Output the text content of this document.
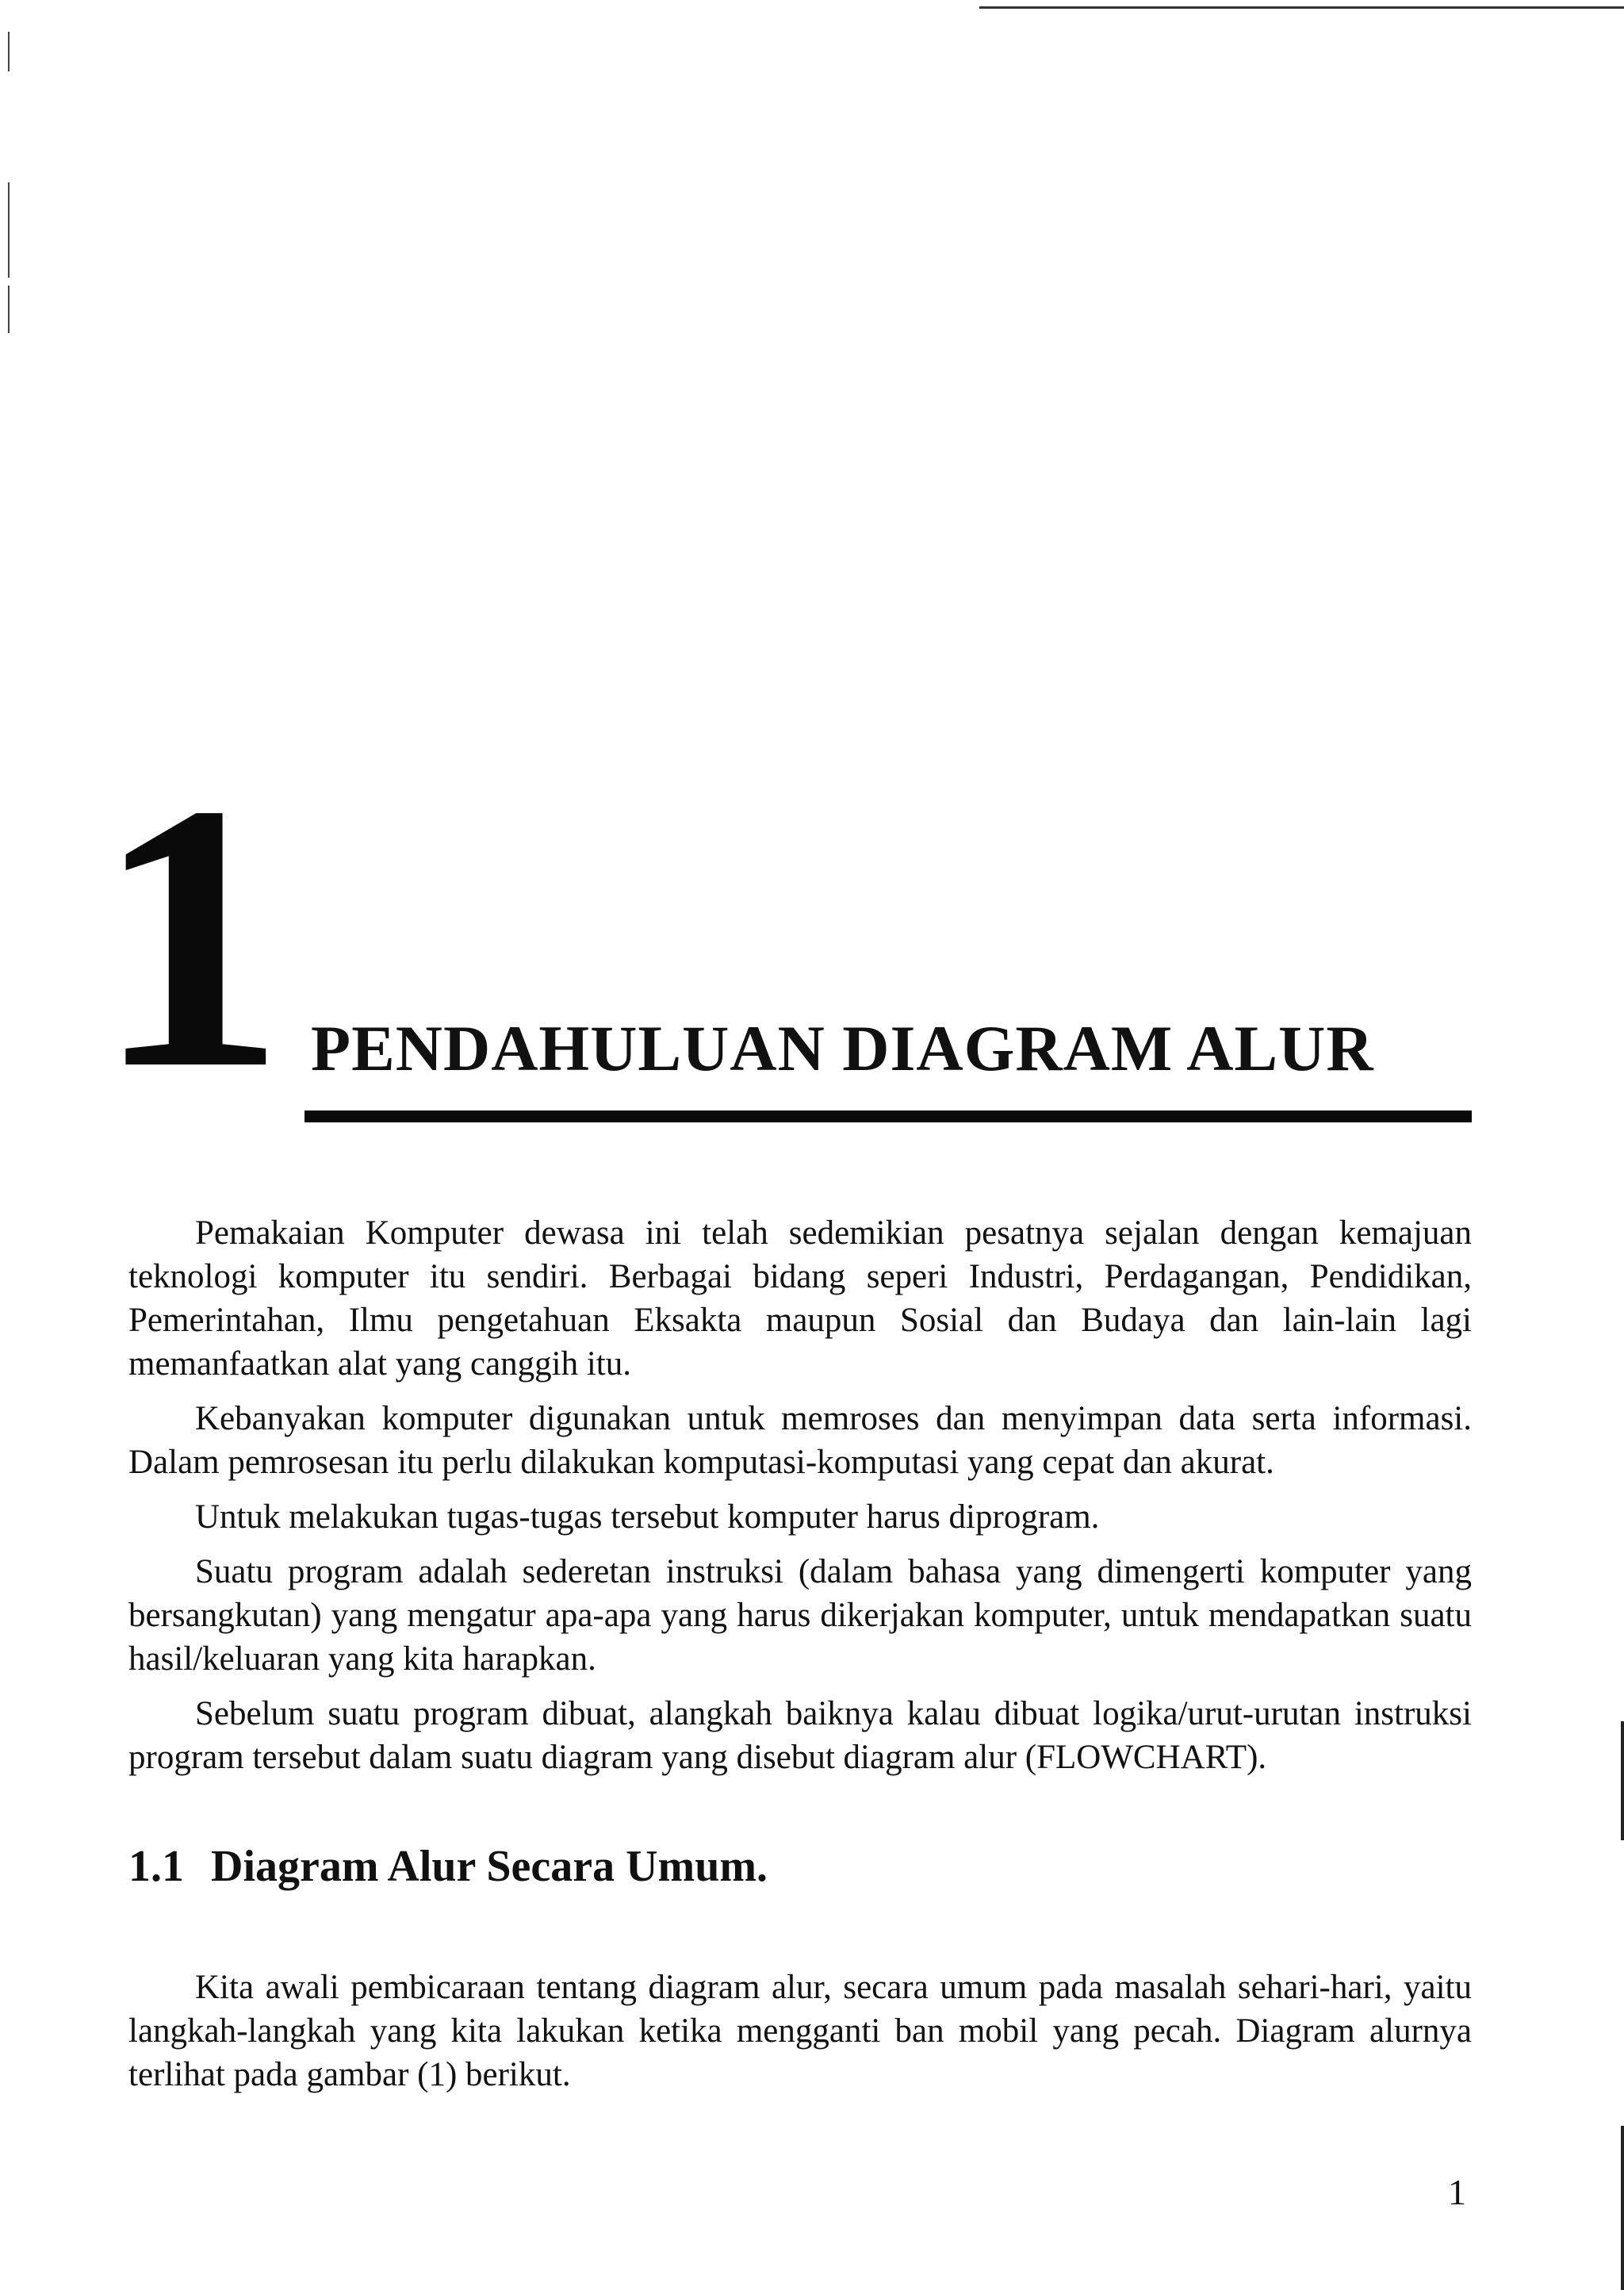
1 PENDAHULUAN DIAGRAM ALUR

Pemakaian Komputer dewasa ini telah sedemikian pesatnya sejalan dengan kemajuan teknologi komputer itu sendiri. Berbagai bidang seperi Industri, Perdagangan, Pendidikan, Pemerintahan, Ilmu pengetahuan Eksakta maupun Sosial dan Budaya dan lain-lain lagi memanfaatkan alat yang canggih itu.

Kebanyakan komputer digunakan untuk memroses dan menyimpan data serta informasi. Dalam pemrosesan itu perlu dilakukan komputasi-komputasi yang cepat dan akurat.

Untuk melakukan tugas-tugas tersebut komputer harus diprogram.

Suatu program adalah sederetan instruksi (dalam bahasa yang dimengerti komputer yang bersangkutan) yang mengatur apa-apa yang harus dikerjakan komputer, untuk mendapatkan suatu hasil/keluaran yang kita harapkan.

Sebelum suatu program dibuat, alangkah baiknya kalau dibuat logika/urut-urutan instruksi program tersebut dalam suatu diagram yang disebut diagram alur (FLOWCHART).

1.1 Diagram Alur Secara Umum.

Kita awali pembicaraan tentang diagram alur, secara umum pada masalah sehari-hari, yaitu langkah-langkah yang kita lakukan ketika mengganti ban mobil yang pecah. Diagram alurnya terlihat pada gambar (1) berikut.

1
